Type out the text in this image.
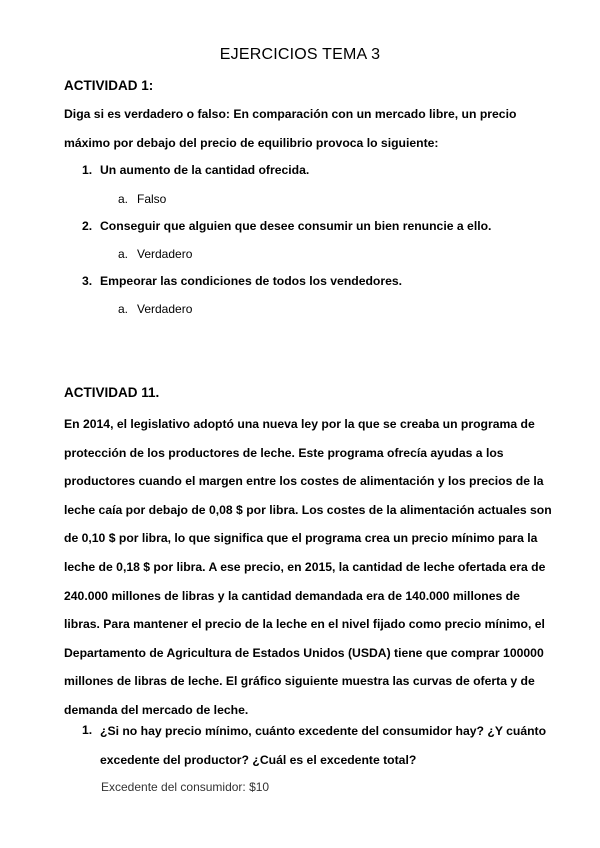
EJERCICIOS TEMA 3
ACTIVIDAD 1:
Diga si es verdadero o falso: En comparación con un mercado libre, un precio
máximo por debajo del precio de equilibrio provoca lo siguiente:
1. Un aumento de la cantidad ofrecida.
a. Falso
2. Conseguir que alguien que desee consumir un bien renuncie a ello.
a. Verdadero
3. Empeorar las condiciones de todos los vendedores.
a. Verdadero
ACTIVIDAD 11.
En 2014, el legislativo adoptó una nueva ley por la que se creaba un programa de
protección de los productores de leche. Este programa ofrecía ayudas a los
productores cuando el margen entre los costes de alimentación y los precios de la
leche caía por debajo de 0,08 $ por libra. Los costes de la alimentación actuales son
de 0,10 $ por libra, lo que significa que el programa crea un precio mínimo para la
leche de 0,18 $ por libra. A ese precio, en 2015, la cantidad de leche ofertada era de
240.000 millones de libras y la cantidad demandada era de 140.000 millones de
libras. Para mantener el precio de la leche en el nivel fijado como precio mínimo, el
Departamento de Agricultura de Estados Unidos (USDA) tiene que comprar 100000
millones de libras de leche. El gráfico siguiente muestra las curvas de oferta y de
demanda del mercado de leche.
1. ¿Si no hay precio mínimo, cuánto excedente del consumidor hay? ¿Y cuánto
excedente del productor? ¿Cuál es el excedente total?
Excedente del consumidor: $10
